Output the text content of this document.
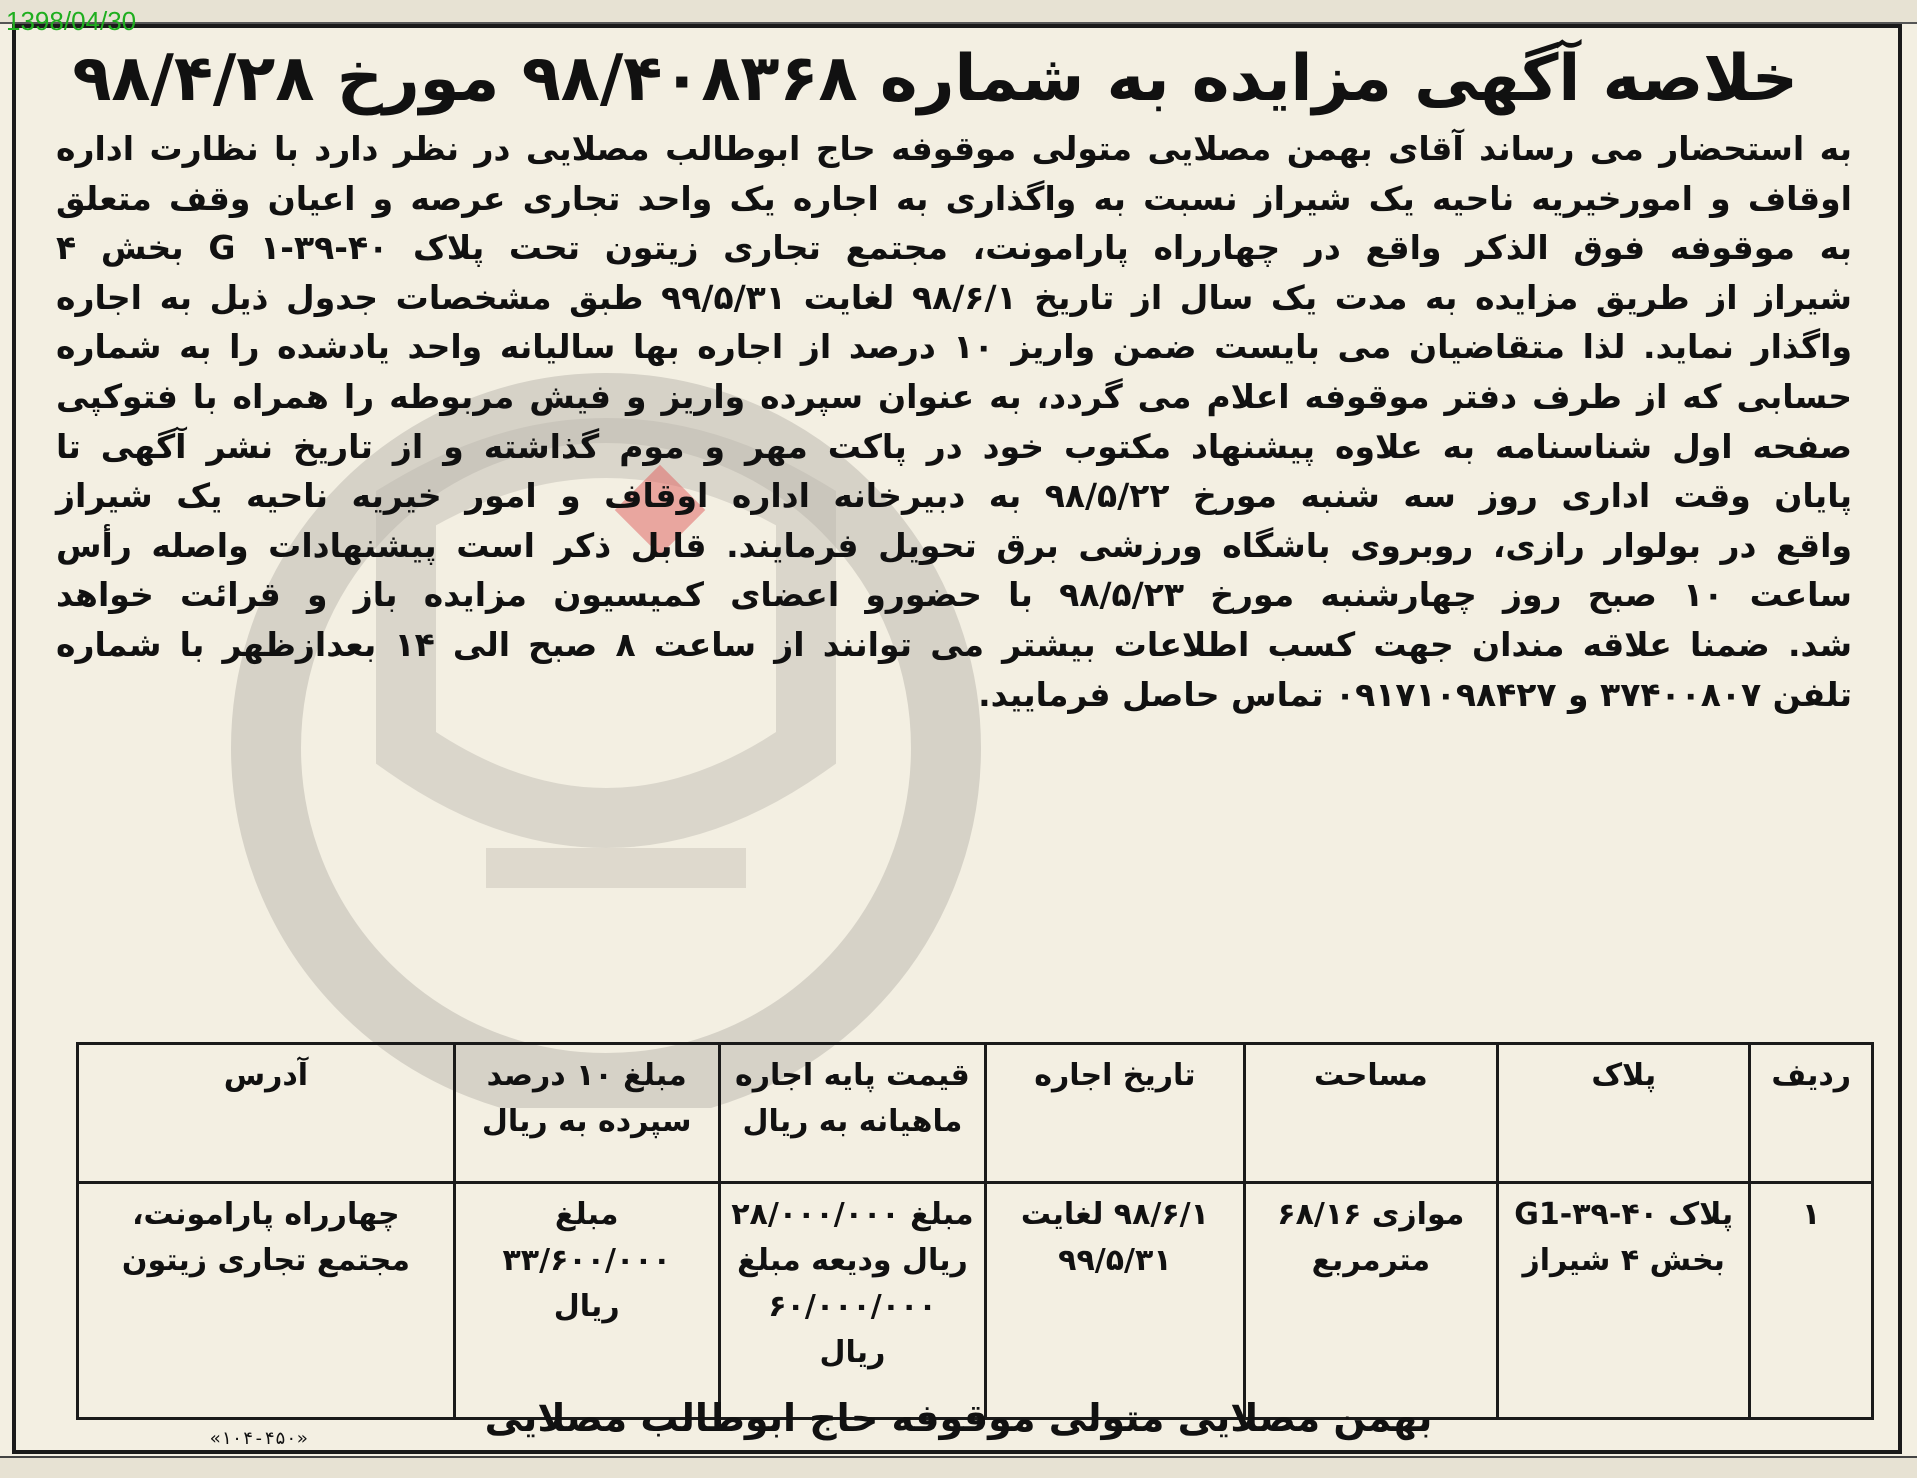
1398/04/30
خلاصه آگهی مزایده به شماره ۹۸/۴۰۸۳۶۸ مورخ ۹۸/۴/۲۸
به استحضار می رساند آقای بهمن مصلایی متولی موقوفه حاج ابوطالب مصلایی در نظر دارد با نظارت اداره
اوقاف و امورخیریه ناحیه یک شیراز نسبت به واگذاری به اجاره یک واحد تجاری عرصه و اعیان وقف متعلق
به موقوفه فوق الذکر واقع در چهارراه پارامونت، مجتمع تجاری زیتون تحت پلاک ۴۰-۳۹-G ۱ بخش ۴
شیراز از طریق مزایده به مدت یک سال از تاریخ ۹۸/۶/۱ لغایت ۹۹/۵/۳۱ طبق مشخصات جدول ذیل به اجاره
واگذار نماید. لذا متقاضیان می بایست ضمن واریز ۱۰ درصد از اجاره بها سالیانه واحد یادشده را به شماره
حسابی که از طرف دفتر موقوفه اعلام می گردد، به عنوان سپرده واریز و فیش مربوطه را همراه با فتوکپی
صفحه اول شناسنامه به علاوه پیشنهاد مکتوب خود در پاکت مهر و موم گذاشته و از تاریخ نشر آگهی تا
پایان وقت اداری روز سه شنبه مورخ ۹۸/۵/۲۲ به دبیرخانه اداره اوقاف و امور خیریه ناحیه یک شیراز
واقع در بولوار رازی، روبروی باشگاه ورزشی برق تحویل فرمایند. قابل ذکر است پیشنهادات واصله رأس
ساعت ۱۰ صبح روز چهارشنبه مورخ ۹۸/۵/۲۳ با حضورو اعضای کمیسیون مزایده باز و قرائت خواهد
شد. ضمنا علاقه مندان جهت کسب اطلاعات بیشتر می توانند از ساعت ۸ صبح الی ۱۴ بعدازظهر با شماره
تلفن ۳۷۴۰۰۸۰۷ و ۰۹۱۷۱۰۹۸۴۲۷ تماس حاصل فرمایید.
ردیف	پلاک	مساحت	تاریخ اجاره	قیمت پایه اجاره ماهیانه به ریال	مبلغ ۱۰ درصد سپرده به ریال	آدرس
۱	پلاک ۴۰-۳۹-G1 بخش ۴ شیراز	موازی ۶۸/۱۶ مترمربع	۹۸/۶/۱ لغایت ۹۹/۵/۳۱	مبلغ ۲۸/۰۰۰/۰۰۰ ریال ودیعه مبلغ ۶۰/۰۰۰/۰۰۰ ریال	مبلغ ۳۳/۶۰۰/۰۰۰ ریال	چهارراه پارامونت، مجتمع تجاری زیتون
بهمن مصلایی متولی موقوفه حاج ابوطالب مصلایی
«۱۰۴-۴۵۰»
